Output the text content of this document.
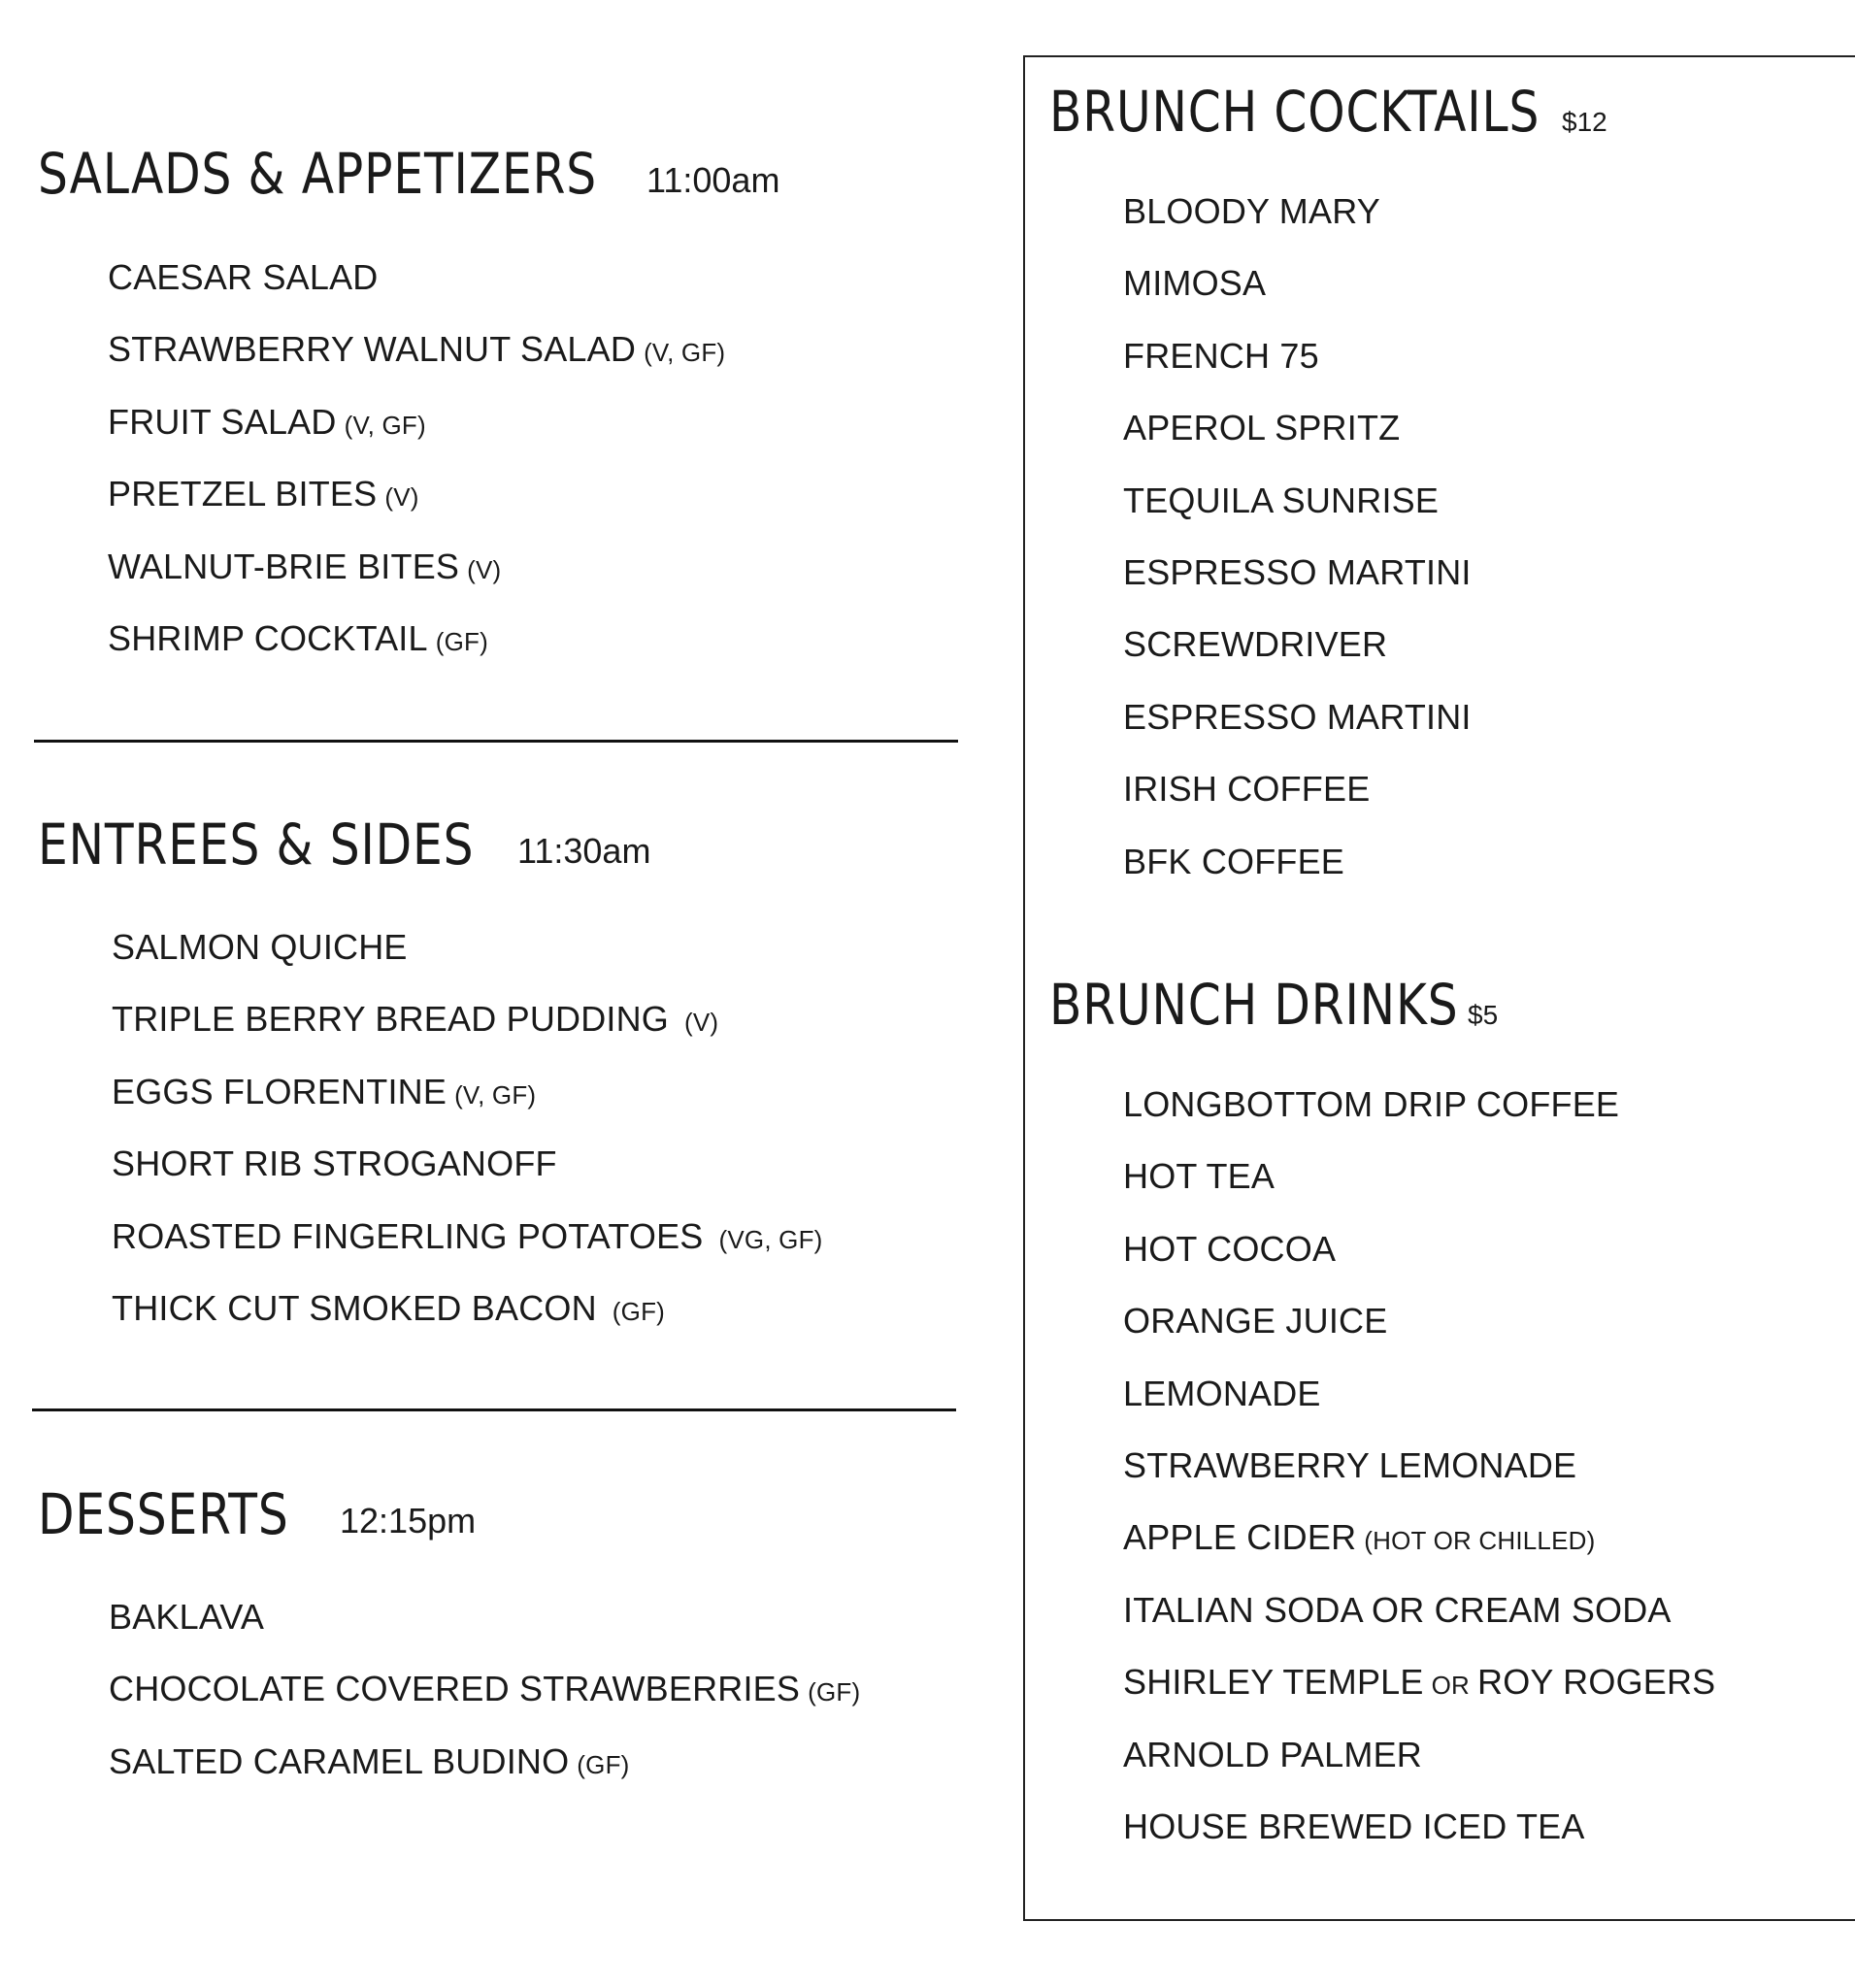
SALADS & APPETIZERS 11:00am
CAESAR SALAD
STRAWBERRY WALNUT SALAD (V, GF)
FRUIT SALAD (V, GF)
PRETZEL BITES (V)
WALNUT-BRIE BITES (V)
SHRIMP COCKTAIL (GF)
ENTREES & SIDES 11:30am
SALMON QUICHE
TRIPLE BERRY BREAD PUDDING (V)
EGGS FLORENTINE (V, GF)
SHORT RIB STROGANOFF
ROASTED FINGERLING POTATOES (VG, GF)
THICK CUT SMOKED BACON (GF)
DESSERTS 12:15pm
BAKLAVA
CHOCOLATE COVERED STRAWBERRIES (GF)
SALTED CARAMEL BUDINO (GF)
BRUNCH COCKTAILS $12
BLOODY MARY
MIMOSA
FRENCH 75
APEROL SPRITZ
TEQUILA SUNRISE
ESPRESSO MARTINI
SCREWDRIVER
ESPRESSO MARTINI
IRISH COFFEE
BFK COFFEE
BRUNCH DRINKS $5
LONGBOTTOM DRIP COFFEE
HOT TEA
HOT COCOA
ORANGE JUICE
LEMONADE
STRAWBERRY LEMONADE
APPLE CIDER (HOT OR CHILLED)
ITALIAN SODA OR CREAM SODA
SHIRLEY TEMPLE OR ROY ROGERS
ARNOLD PALMER
HOUSE BREWED ICED TEA
